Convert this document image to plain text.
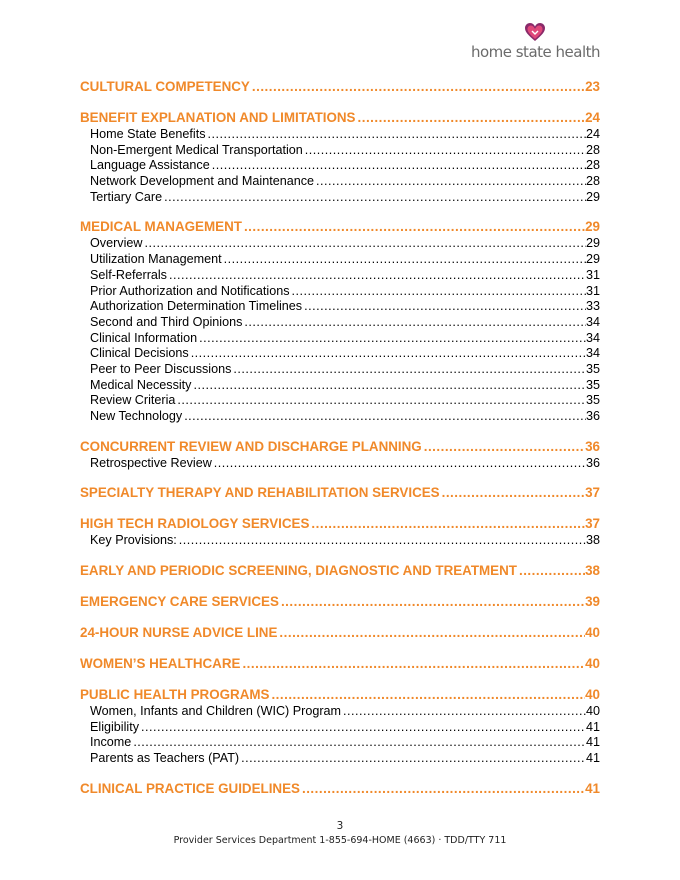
home state health
CULTURAL COMPETENCY .....	23
BENEFIT EXPLANATION AND LIMITATIONS .....	24
Home State Benefits .....	24
Non-Emergent Medical Transportation .....	28
Language Assistance .....	28
Network Development and Maintenance .....	28
Tertiary Care .....	29
MEDICAL MANAGEMENT .....	29
Overview .....	29
Utilization Management .....	29
Self-Referrals .....	31
Prior Authorization and Notifications .....	31
Authorization Determination Timelines .....	33
Second and Third Opinions .....	34
Clinical Information .....	34
Clinical Decisions .....	34
Peer to Peer Discussions .....	35
Medical Necessity .....	35
Review Criteria .....	35
New Technology .....	36
CONCURRENT REVIEW AND DISCHARGE PLANNING .....	36
Retrospective Review .....	36
SPECIALTY THERAPY AND REHABILITATION SERVICES .....	37
HIGH TECH RADIOLOGY SERVICES .....	37
Key Provisions: .....	38
EARLY AND PERIODIC SCREENING, DIAGNOSTIC AND TREATMENT .....	38
EMERGENCY CARE SERVICES .....	39
24-HOUR NURSE ADVICE LINE .....	40
WOMEN’S HEALTHCARE .....	40
PUBLIC HEALTH PROGRAMS .....	40
Women, Infants and Children (WIC) Program .....	40
Eligibility .....	41
Income .....	41
Parents as Teachers (PAT) .....	41
CLINICAL PRACTICE GUIDELINES .....	41
3
Provider Services Department 1-855-694-HOME (4663) · TDD/TTY 711
